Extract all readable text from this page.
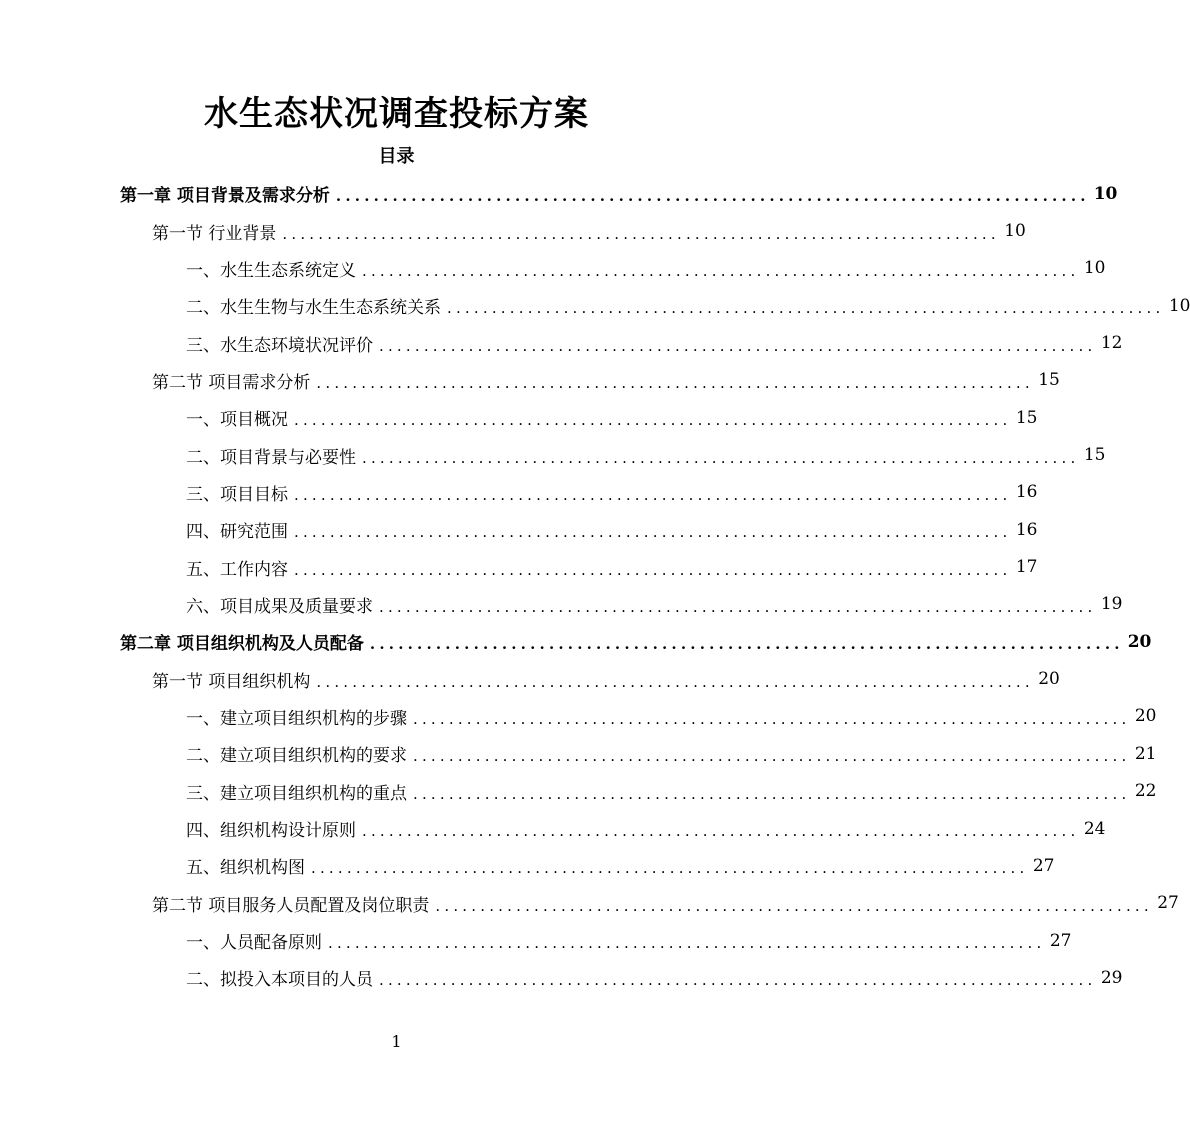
水生态状况调查投标方案
目录
第一章 项目背景及需求分析 ................................................................................ 10
第一节 行业背景 ................................................................................ 10
一、水生生态系统定义 ................................................................................ 10
二、水生生物与水生生态系统关系 ................................................................................ 10
三、水生态环境状况评价 ................................................................................ 12
第二节 项目需求分析 ................................................................................ 15
一、项目概况 ................................................................................ 15
二、项目背景与必要性 ................................................................................ 15
三、项目目标 ................................................................................ 16
四、研究范围 ................................................................................ 16
五、工作内容 ................................................................................ 17
六、项目成果及质量要求 ................................................................................ 19
第二章 项目组织机构及人员配备 ................................................................................ 20
第一节 项目组织机构 ................................................................................ 20
一、建立项目组织机构的步骤 ................................................................................ 20
二、建立项目组织机构的要求 ................................................................................ 21
三、建立项目组织机构的重点 ................................................................................ 22
四、组织机构设计原则 ................................................................................ 24
五、组织机构图 ................................................................................ 27
第二节 项目服务人员配置及岗位职责 ................................................................................ 27
一、人员配备原则 ................................................................................ 27
二、拟投入本项目的人员 ................................................................................ 29
1
